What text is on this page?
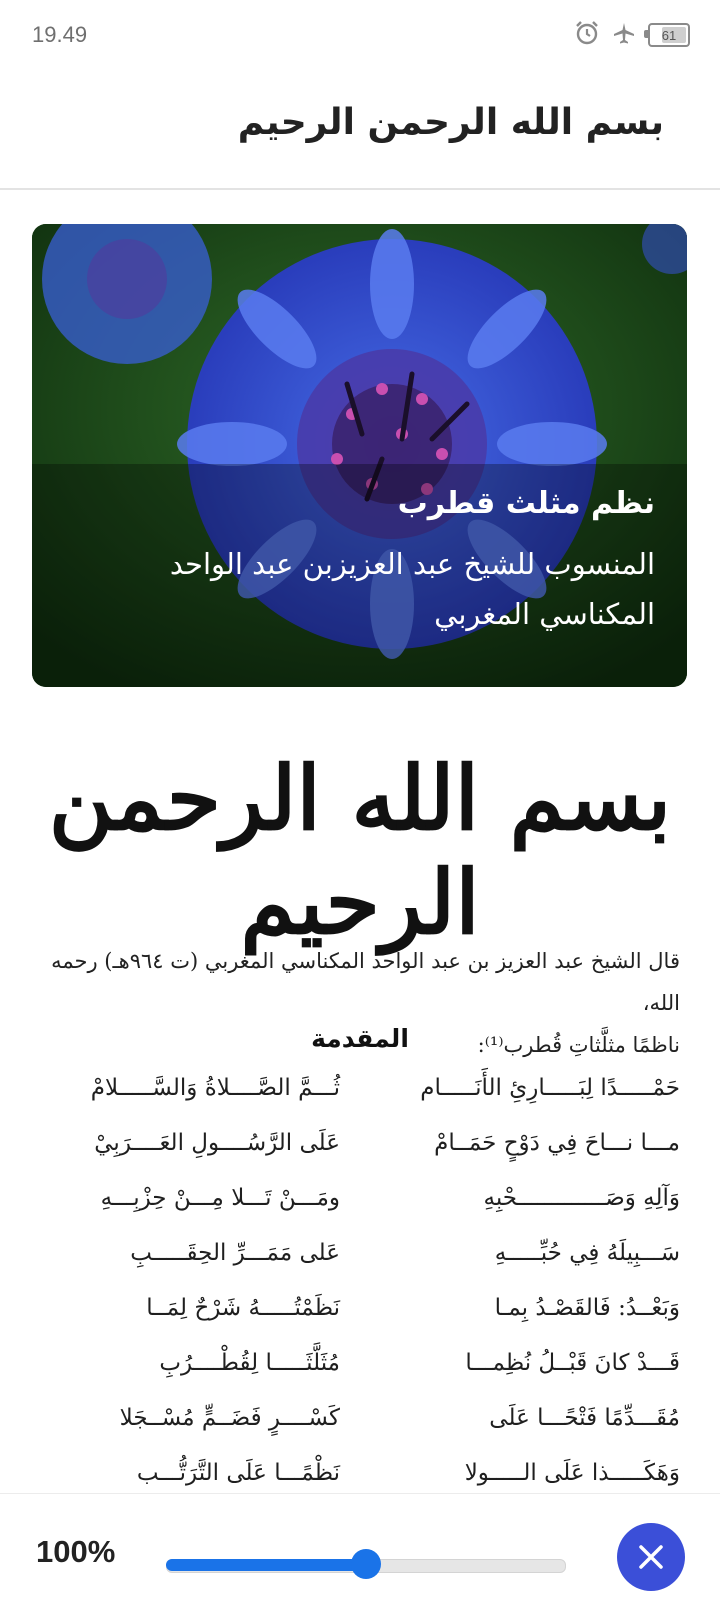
19.49	61
بسم الله الرحمن الرحيم
نظم مثلث قطرب
المنسوب للشيخ عبد العزيزبن عبد الواحد
المكناسي المغربي
بسم الله الرحمن الرحيم
قال الشيخ عبد العزيز بن عبد الواحد المكناسي المغربي (ت ٩٦٤هـ) رحمه الله،
ناظمًا مثلَّثاتِ قُطرب⁽¹⁾:
المقدمة
حَمْـــــدًا لِبَـــــارِئِ الأَنَـــــام
ثُـــمَّ الصَّــــلاةُ وَالسَّـــــلامْ
مـــا نـــاحَ فِي دَوْحٍ حَمَــامْ
عَلَى الرَّسُــــولِ العَــــرَبِيْ
وَآلِهِ وَصَـــــــــــــحْبِهِ
ومَـــنْ تَـــلا مِـــنْ حِزْبِـــهِ
سَـــبِيلَهُ فِي حُبِّـــــهِ
عَلى مَمَـــرِّ الحِقَـــــبِ
وَبَعْــدُ: فَالقَصْـدُ بِمـا
نَظَمْتُـــــهُ شَرْحٌ لِمَــا
قَـــدْ كانَ قَبْــلُ نُظِمـــا
مُثَلَّثَـــــا لِقُطْــــرُبِ
مُقَـــدِّمًا فَتْحًـــا عَلَى
كَسْــــرٍ فَضَــمٍّ مُسْــجَلا
وَهَكَـــــذا عَلَى الـــــولا
نَظْمًـــا عَلَى التَّرَتُّـــب
100%
